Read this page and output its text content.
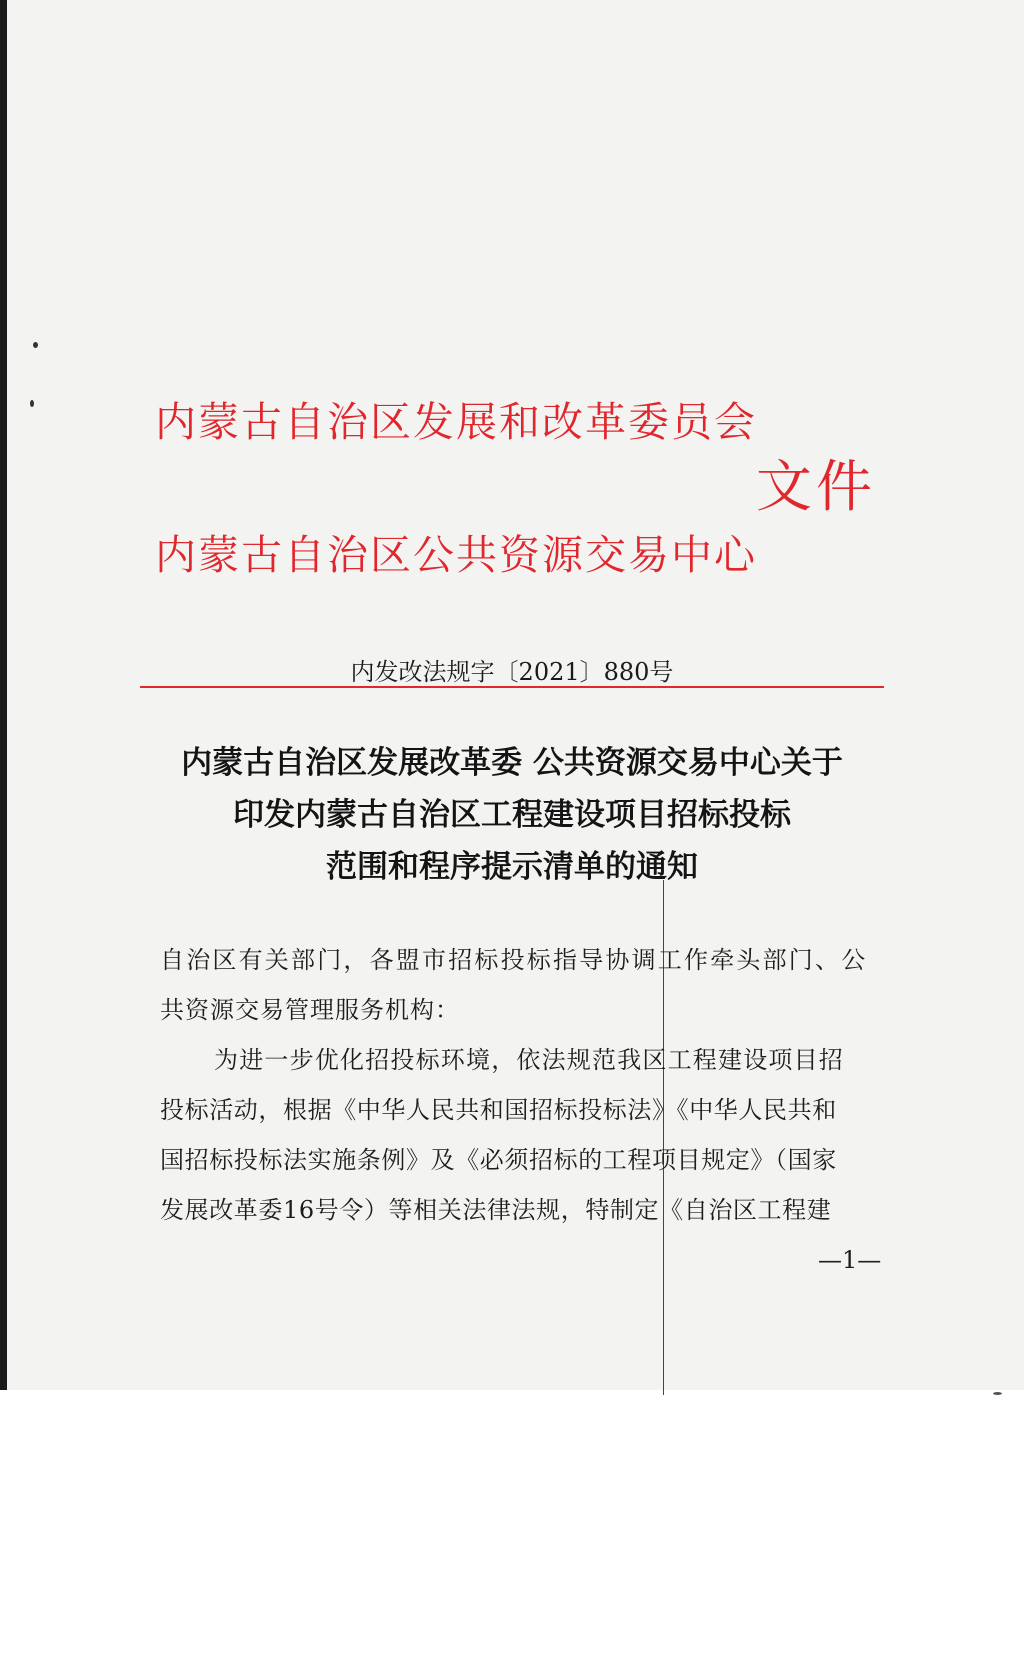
内蒙古自治区发展和改革委员会
文件
内蒙古自治区公共资源交易中心
内发改法规字〔2021〕880号
内蒙古自治区发展改革委 公共资源交易中心关于
印发内蒙古自治区工程建设项目招标投标
范围和程序提示清单的通知
自治区有关部门，各盟市招标投标指导协调工作牵头部门、公
共资源交易管理服务机构：
为进一步优化招投标环境，依法规范我区工程建设项目招
投标活动，根据《中华人民共和国招标投标法》《中华人民共和
国招标投标法实施条例》及《必须招标的工程项目规定》（国家
发展改革委16号令）等相关法律法规，特制定《自治区工程建
—1—
